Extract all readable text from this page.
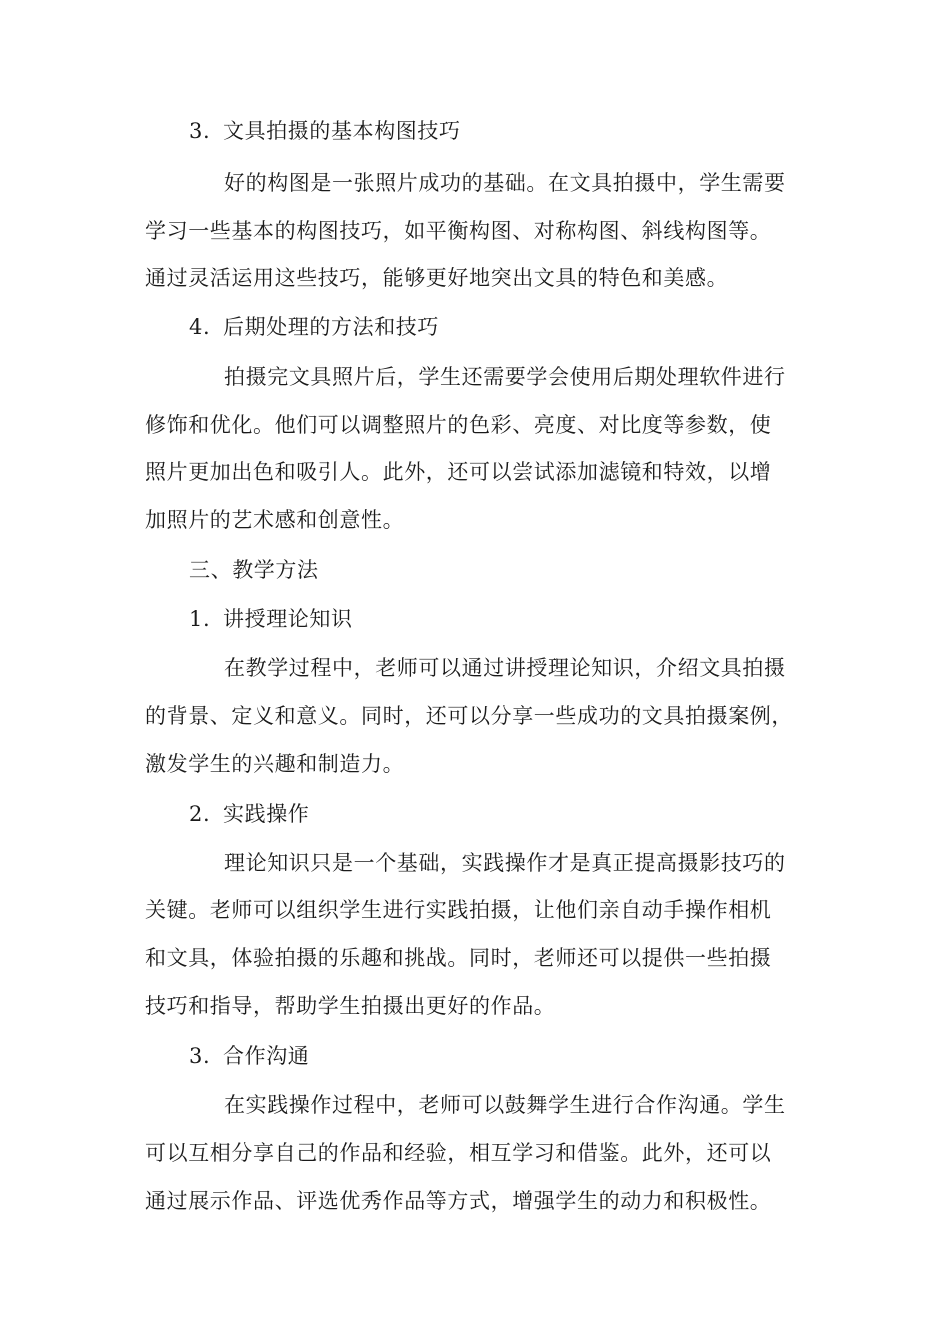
3. 文具拍摄的基本构图技巧
好的构图是一张照片成功的基础。在文具拍摄中，学生需要
学习一些基本的构图技巧，如平衡构图、对称构图、斜线构图等。
通过灵活运用这些技巧，能够更好地突出文具的特色和美感。
4. 后期处理的方法和技巧
拍摄完文具照片后，学生还需要学会使用后期处理软件进行
修饰和优化。他们可以调整照片的色彩、亮度、对比度等参数，使
照片更加出色和吸引人。此外，还可以尝试添加滤镜和特效，以增
加照片的艺术感和创意性。
三、教学方法
1. 讲授理论知识
在教学过程中，老师可以通过讲授理论知识，介绍文具拍摄
的背景、定义和意义。同时，还可以分享一些成功的文具拍摄案例，
激发学生的兴趣和制造力。
2. 实践操作
理论知识只是一个基础，实践操作才是真正提高摄影技巧的
关键。老师可以组织学生进行实践拍摄，让他们亲自动手操作相机
和文具，体验拍摄的乐趣和挑战。同时，老师还可以提供一些拍摄
技巧和指导，帮助学生拍摄出更好的作品。
3. 合作沟通
在实践操作过程中，老师可以鼓舞学生进行合作沟通。学生
可以互相分享自己的作品和经验，相互学习和借鉴。此外，还可以
通过展示作品、评选优秀作品等方式，增强学生的动力和积极性。
